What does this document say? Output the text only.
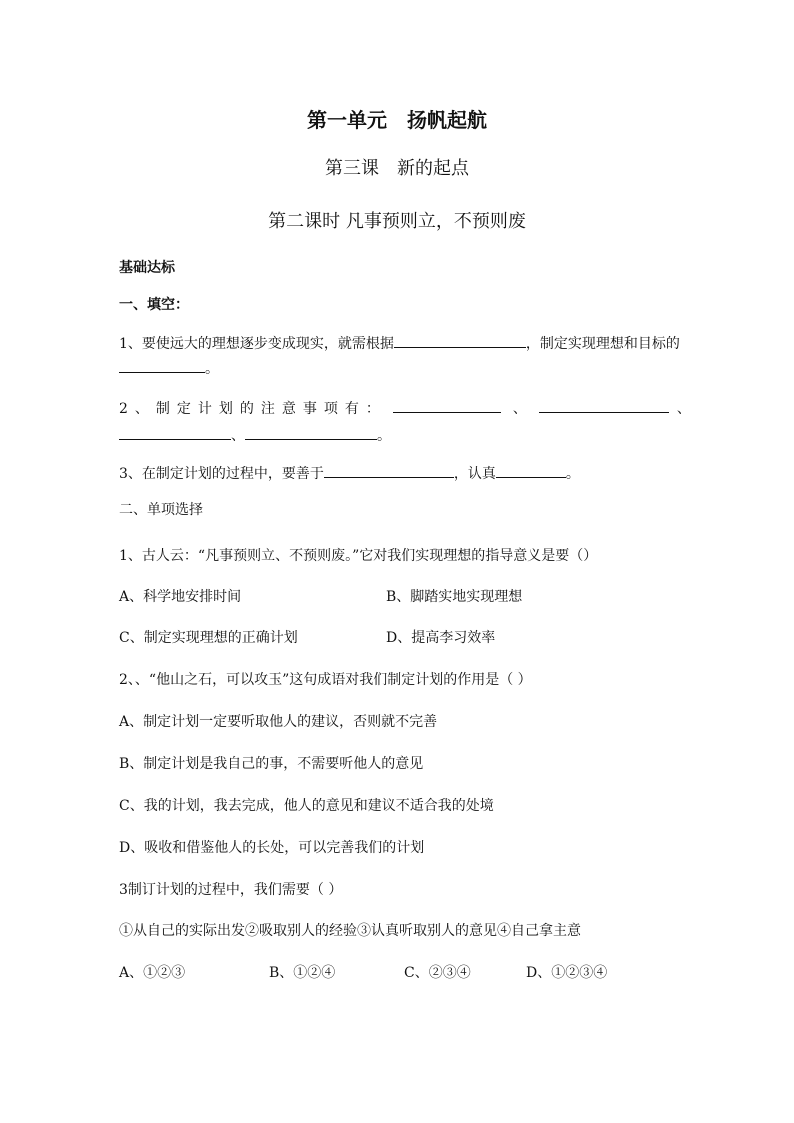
第一单元　扬帆起航
第三课　新的起点
第二课时 凡事预则立，不预则废
基础达标
一、填空：
1、要使远大的理想逐步变成现实，就需根据	，制定实现理想和目标的
。
2、制定计划的注意事项有：	、	、
、	。
3、在制定计划的过程中，要善于	，认真	。
二、单项选择
1、古人云：“凡事预则立、不预则废。”它对我们实现理想的指导意义是要（）
A、科学地安排时间	B、脚踏实地实现理想
C、制定实现理想的正确计划	D、提高李习效率
2、、“他山之石，可以攻玉”这句成语对我们制定计划的作用是（ ）
A、制定计划一定要听取他人的建议，否则就不完善
B、制定计划是我自己的事，不需要听他人的意见
C、我的计划，我去完成，他人的意见和建议不适合我的处境
D、吸收和借鉴他人的长处，可以完善我们的计划
3制订计划的过程中，我们需要（ ）
①从自己的实际出发②吸取别人的经验③认真听取别人的意见④自己拿主意
A、①②③	B、①②④	C、②③④	D、①②③④
